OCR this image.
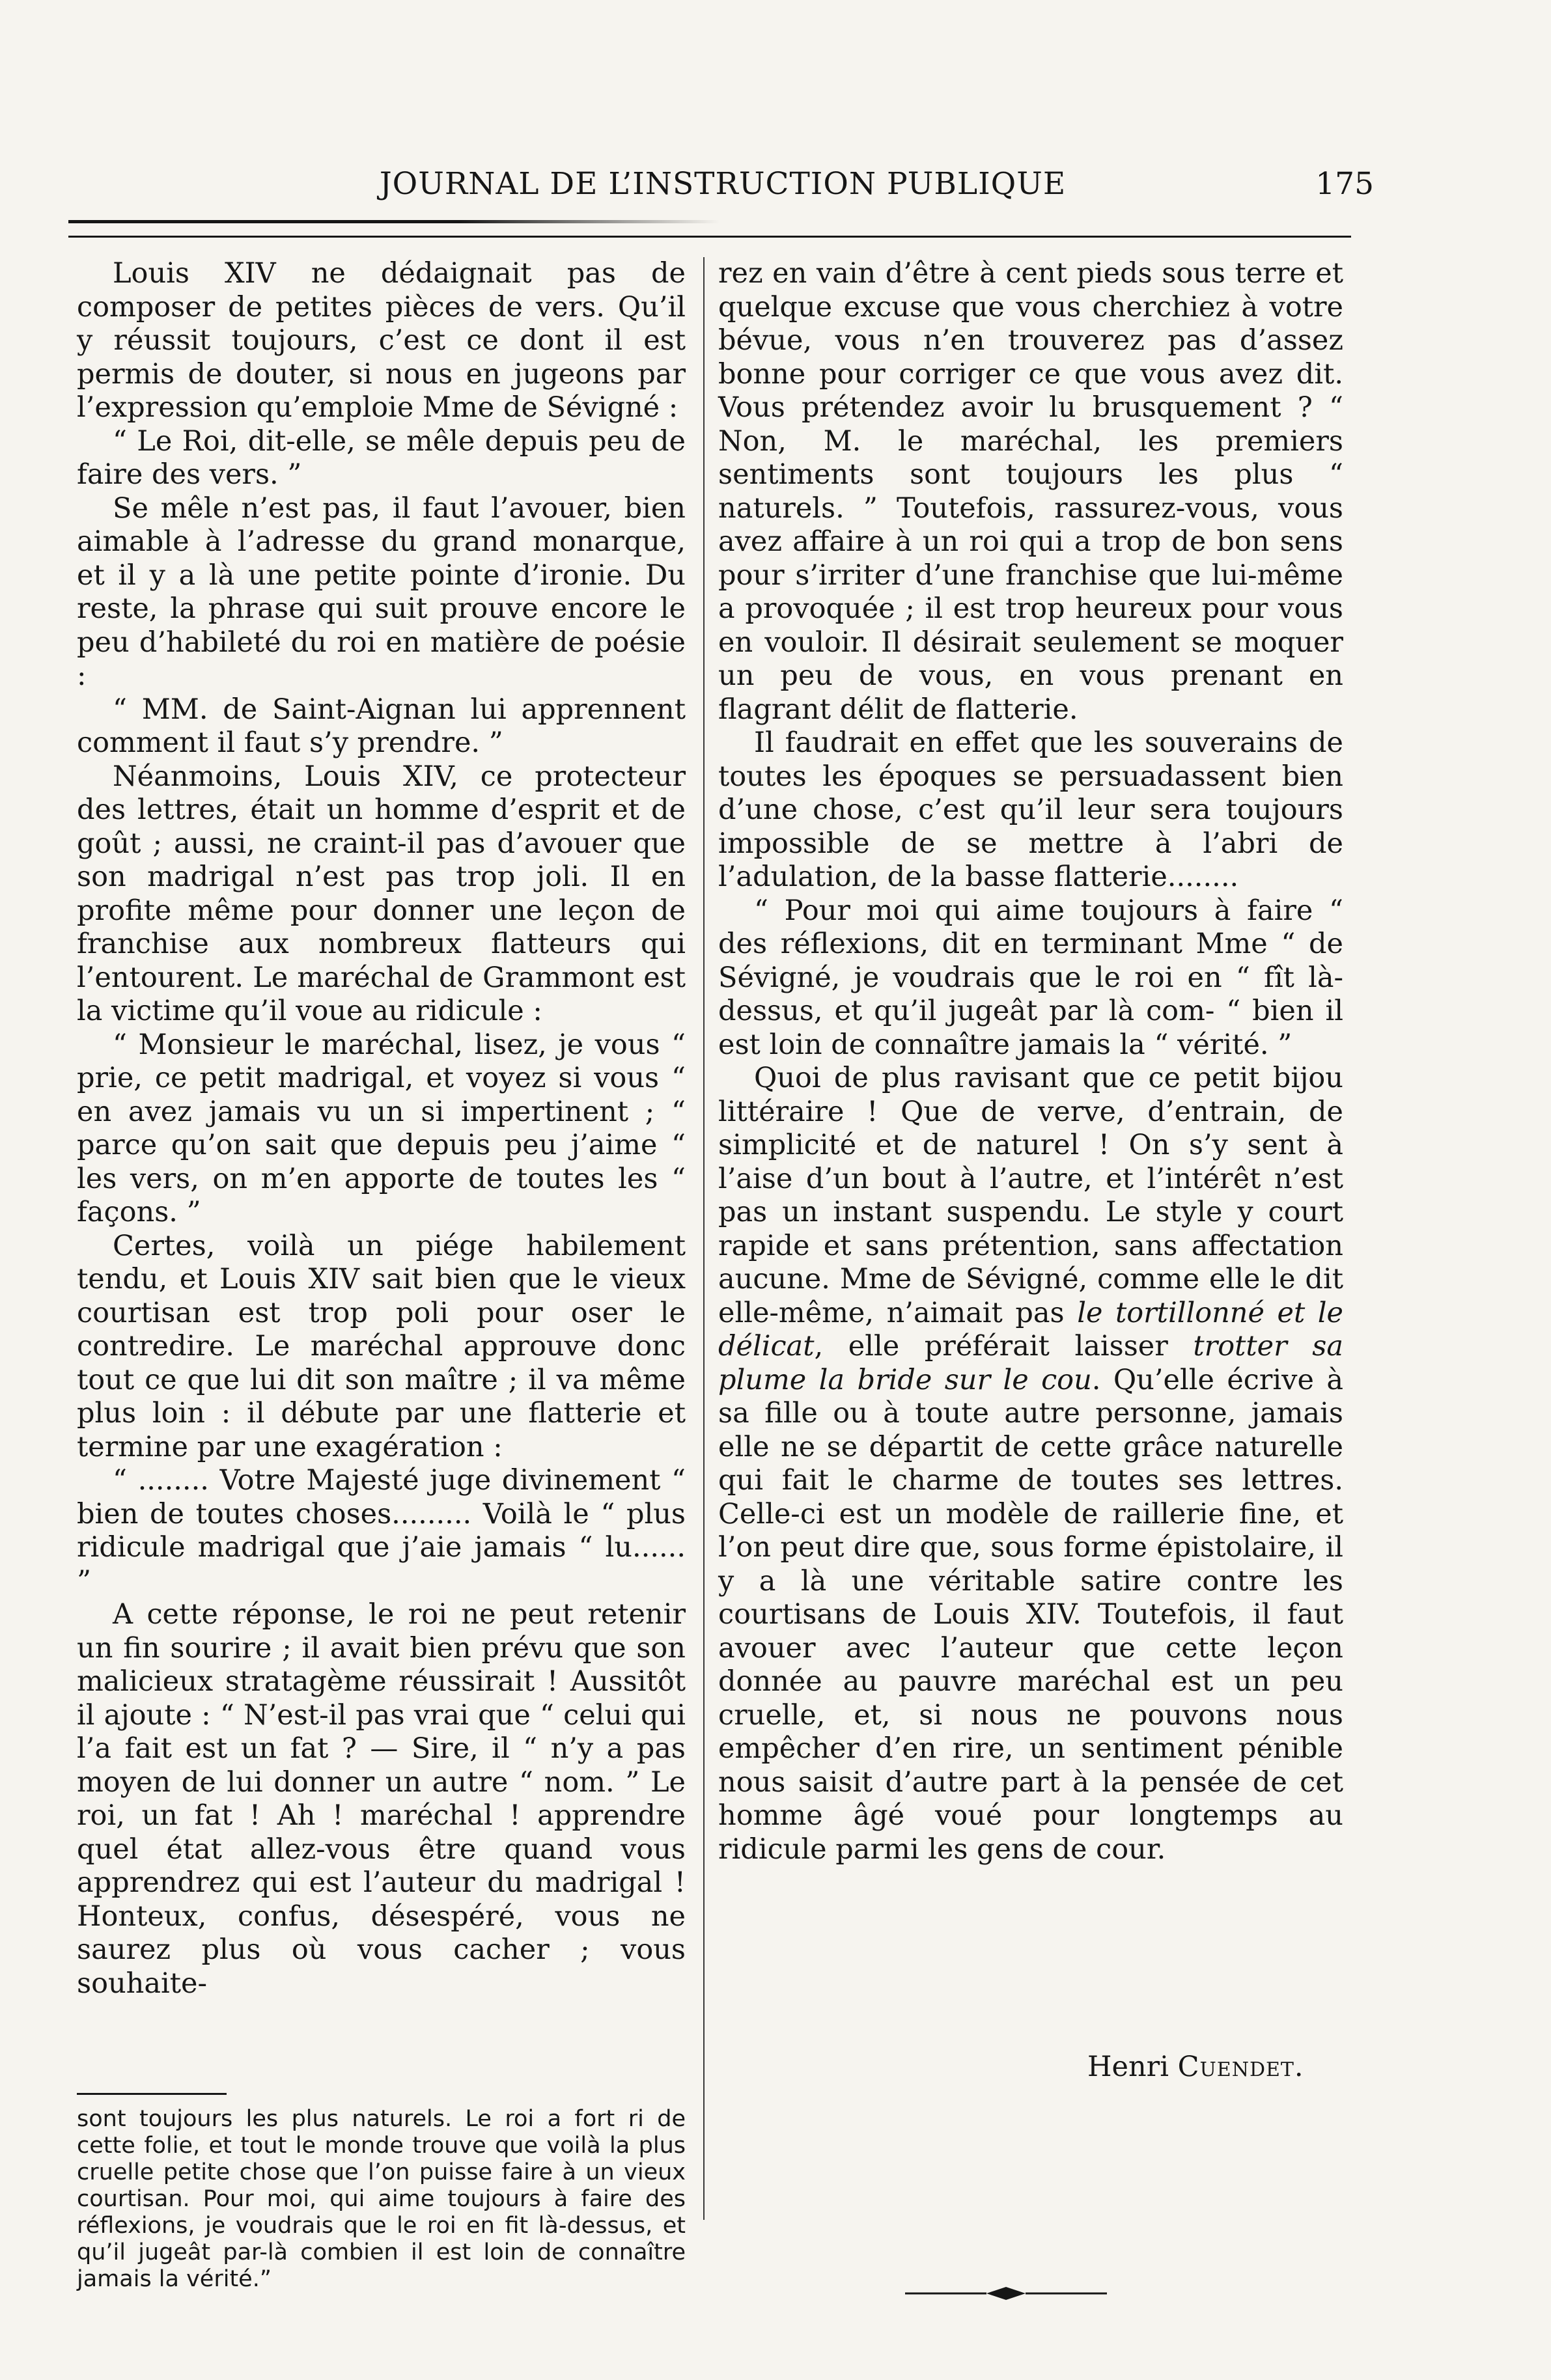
JOURNAL DE L’INSTRUCTION PUBLIQUE	175

Louis XIV ne dédaignait pas de composer de petites pièces de vers. Qu’il y réussit toujours, c’est ce dont il est permis de douter, si nous en jugeons par l’expression qu’emploie Mme de Sévigné :

“ Le Roi, dit-elle, se mêle depuis peu de faire des vers. ”

Se mêle n’est pas, il faut l’avouer, bien aimable à l’adresse du grand monarque, et il y a là une petite pointe d’ironie. Du reste, la phrase qui suit prouve encore le peu d’habileté du roi en matière de poésie :

“ MM. de Saint-Aignan lui apprennent comment il faut s’y prendre. ”

Néanmoins, Louis XIV, ce protecteur des lettres, était un homme d’esprit et de goût ; aussi, ne craint-il pas d’avouer que son madrigal n’est pas trop joli. Il en profite même pour donner une leçon de franchise aux nombreux flatteurs qui l’entourent. Le maréchal de Grammont est la victime qu’il voue au ridicule :

“ Monsieur le maréchal, lisez, je vous “ prie, ce petit madrigal, et voyez si vous “ en avez jamais vu un si impertinent ; “ parce qu’on sait que depuis peu j’aime “ les vers, on m’en apporte de toutes les “ façons. ”

Certes, voilà un piége habilement tendu, et Louis XIV sait bien que le vieux courtisan est trop poli pour oser le contredire. Le maréchal approuve donc tout ce que lui dit son maître ; il va même plus loin : il débute par une flatterie et termine par une exagération :

“ ........ Votre Majesté juge divinement “ bien de toutes choses......... Voilà le “ plus ridicule madrigal que j’aie jamais “ lu...... ”

A cette réponse, le roi ne peut retenir un fin sourire ; il avait bien prévu que son malicieux stratagème réussirait ! Aussitôt il ajoute : “ N’est-il pas vrai que “ celui qui l’a fait est un fat ? — Sire, il “ n’y a pas moyen de lui donner un autre “ nom. ” Le roi, un fat ! Ah ! maréchal ! apprendre quel état allez-vous être quand vous apprendrez qui est l’auteur du madrigal ! Honteux, confus, désespéré, vous ne saurez plus où vous cacher ; vous souhaite-

rez en vain d’être à cent pieds sous terre et quelque excuse que vous cherchiez à votre bévue, vous n’en trouverez pas d’assez bonne pour corriger ce que vous avez dit. Vous prétendez avoir lu brusquement ? “ Non, M. le maréchal, les premiers sentiments sont toujours les plus “ naturels. ” Toutefois, rassurez-vous, vous avez affaire à un roi qui a trop de bon sens pour s’irriter d’une franchise que lui-même a provoquée ; il est trop heureux pour vous en vouloir. Il désirait seulement se moquer un peu de vous, en vous prenant en flagrant délit de flatterie.

Il faudrait en effet que les souverains de toutes les époques se persuadassent bien d’une chose, c’est qu’il leur sera toujours impossible de se mettre à l’abri de l’adulation, de la basse flatterie........

“ Pour moi qui aime toujours à faire “ des réflexions, dit en terminant Mme “ de Sévigné, je voudrais que le roi en “ fît là-dessus, et qu’il jugeât par là com- “ bien il est loin de connaître jamais la “ vérité. ”

Quoi de plus ravisant que ce petit bijou littéraire ! Que de verve, d’entrain, de simplicité et de naturel ! On s’y sent à l’aise d’un bout à l’autre, et l’intérêt n’est pas un instant suspendu. Le style y court rapide et sans prétention, sans affectation aucune. Mme de Sévigné, comme elle le dit elle-même, n’aimait pas le tortillonné et le délicat, elle préférait laisser trotter sa plume la bride sur le cou. Qu’elle écrive à sa fille ou à toute autre personne, jamais elle ne se départit de cette grâce naturelle qui fait le charme de toutes ses lettres. Celle-ci est un modèle de raillerie fine, et l’on peut dire que, sous forme épistolaire, il y a là une véritable satire contre les courtisans de Louis XIV. Toutefois, il faut avouer avec l’auteur que cette leçon donnée au pauvre maréchal est un peu cruelle, et, si nous ne pouvons nous empêcher d’en rire, un sentiment pénible nous saisit d’autre part à la pensée de cet homme âgé voué pour longtemps au ridicule parmi les gens de cour.

Henri Cuendet.

sont toujours les plus naturels. Le roi a fort ri de cette folie, et tout le monde trouve que voilà la plus cruelle petite chose que l’on puisse faire à un vieux courtisan. Pour moi, qui aime toujours à faire des réflexions, je voudrais que le roi en fit là-dessus, et qu’il jugeât par-là combien il est loin de connaître jamais la vérité.”
